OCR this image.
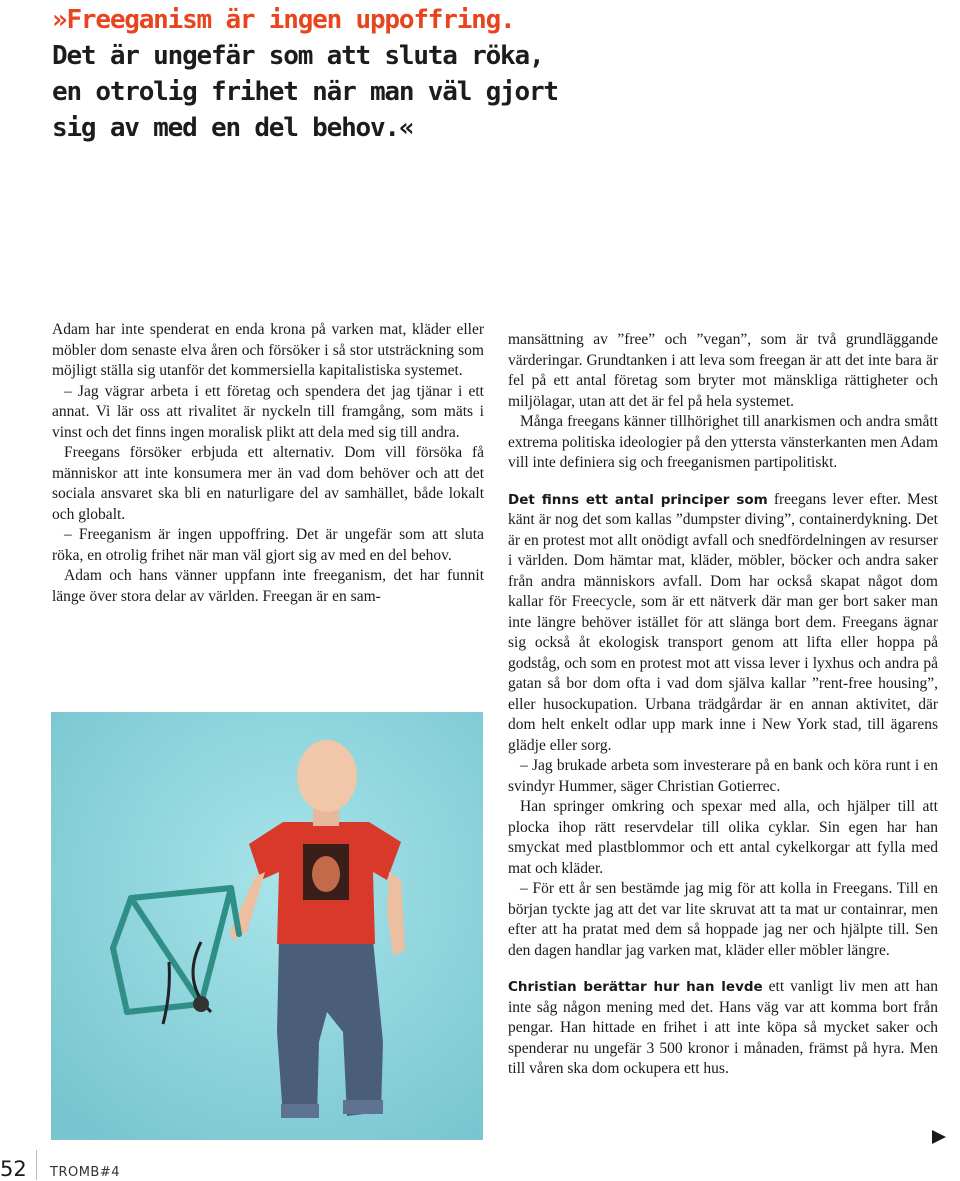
»Freeganism är ingen uppoffring. Det är ungefär som att sluta röka, en otrolig frihet när man väl gjort sig av med en del behov.«

Adam har inte spenderat en enda krona på varken mat, kläder eller möbler dom senaste elva åren och försöker i så stor utsträckning som möjligt ställa sig utanför det kommersiella kapitalistiska systemet.

– Jag vägrar arbeta i ett företag och spendera det jag tjänar i ett annat. Vi lär oss att rivalitet är nyckeln till framgång, som mäts i vinst och det finns ingen moralisk plikt att dela med sig till andra.

Freegans försöker erbjuda ett alternativ. Dom vill försöka få människor att inte konsumera mer än vad dom behöver och att det sociala ansvaret ska bli en naturligare del av samhället, både lokalt och globalt.

– Freeganism är ingen uppoffring. Det är ungefär som att sluta röka, en otrolig frihet när man väl gjort sig av med en del behov.

Adam och hans vänner uppfann inte freeganism, det har funnit länge över stora delar av världen. Freegan är en sam-

mansättning av ”free” och ”vegan”, som är två grundläggande värderingar. Grundtanken i att leva som freegan är att det inte bara är fel på ett antal företag som bryter mot mänskliga rättigheter och miljölagar, utan att det är fel på hela systemet.

Många freegans känner tillhörighet till anarkismen och andra smått extrema politiska ideologier på den yttersta vänsterkanten men Adam vill inte definiera sig och freeganismen partipolitiskt.

Det finns ett antal principer som freegans lever efter. Mest känt är nog det som kallas ”dumpster diving”, containerdykning. Det är en protest mot allt onödigt avfall och snedfördelningen av resurser i världen. Dom hämtar mat, kläder, möbler, böcker och andra saker från andra människors avfall. Dom har också skapat något dom kallar för Freecycle, som är ett nätverk där man ger bort saker man inte längre behöver istället för att slänga bort dem. Freegans ägnar sig också åt ekologisk transport genom att lifta eller hoppa på godståg, och som en protest mot att vissa lever i lyxhus och andra på gatan så bor dom ofta i vad dom själva kallar ”rent-free housing”, eller husockupation. Urbana trädgårdar är en annan aktivitet, där dom helt enkelt odlar upp mark inne i New York stad, till ägarens glädje eller sorg.

– Jag brukade arbeta som investerare på en bank och köra runt i en svindyr Hummer, säger Christian Gotierrec.

Han springer omkring och spexar med alla, och hjälper till att plocka ihop rätt reservdelar till olika cyklar. Sin egen har han smyckat med plastblommor och ett antal cykelkorgar att fylla med mat och kläder.

– För ett år sen bestämde jag mig för att kolla in Freegans. Till en början tyckte jag att det var lite skruvat att ta mat ur containrar, men efter att ha pratat med dem så hoppade jag ner och hjälpte till. Sen den dagen handlar jag varken mat, kläder eller möbler längre.

Christian berättar hur han levde ett vanligt liv men att han inte såg någon mening med det. Hans väg var att komma bort från pengar. Han hittade en frihet i att inte köpa så mycket saker och spenderar nu ungefär 3 500 kronor i månaden, främst på hyra. Men till våren ska dom ockupera ett hus.

52 TROMB#4
